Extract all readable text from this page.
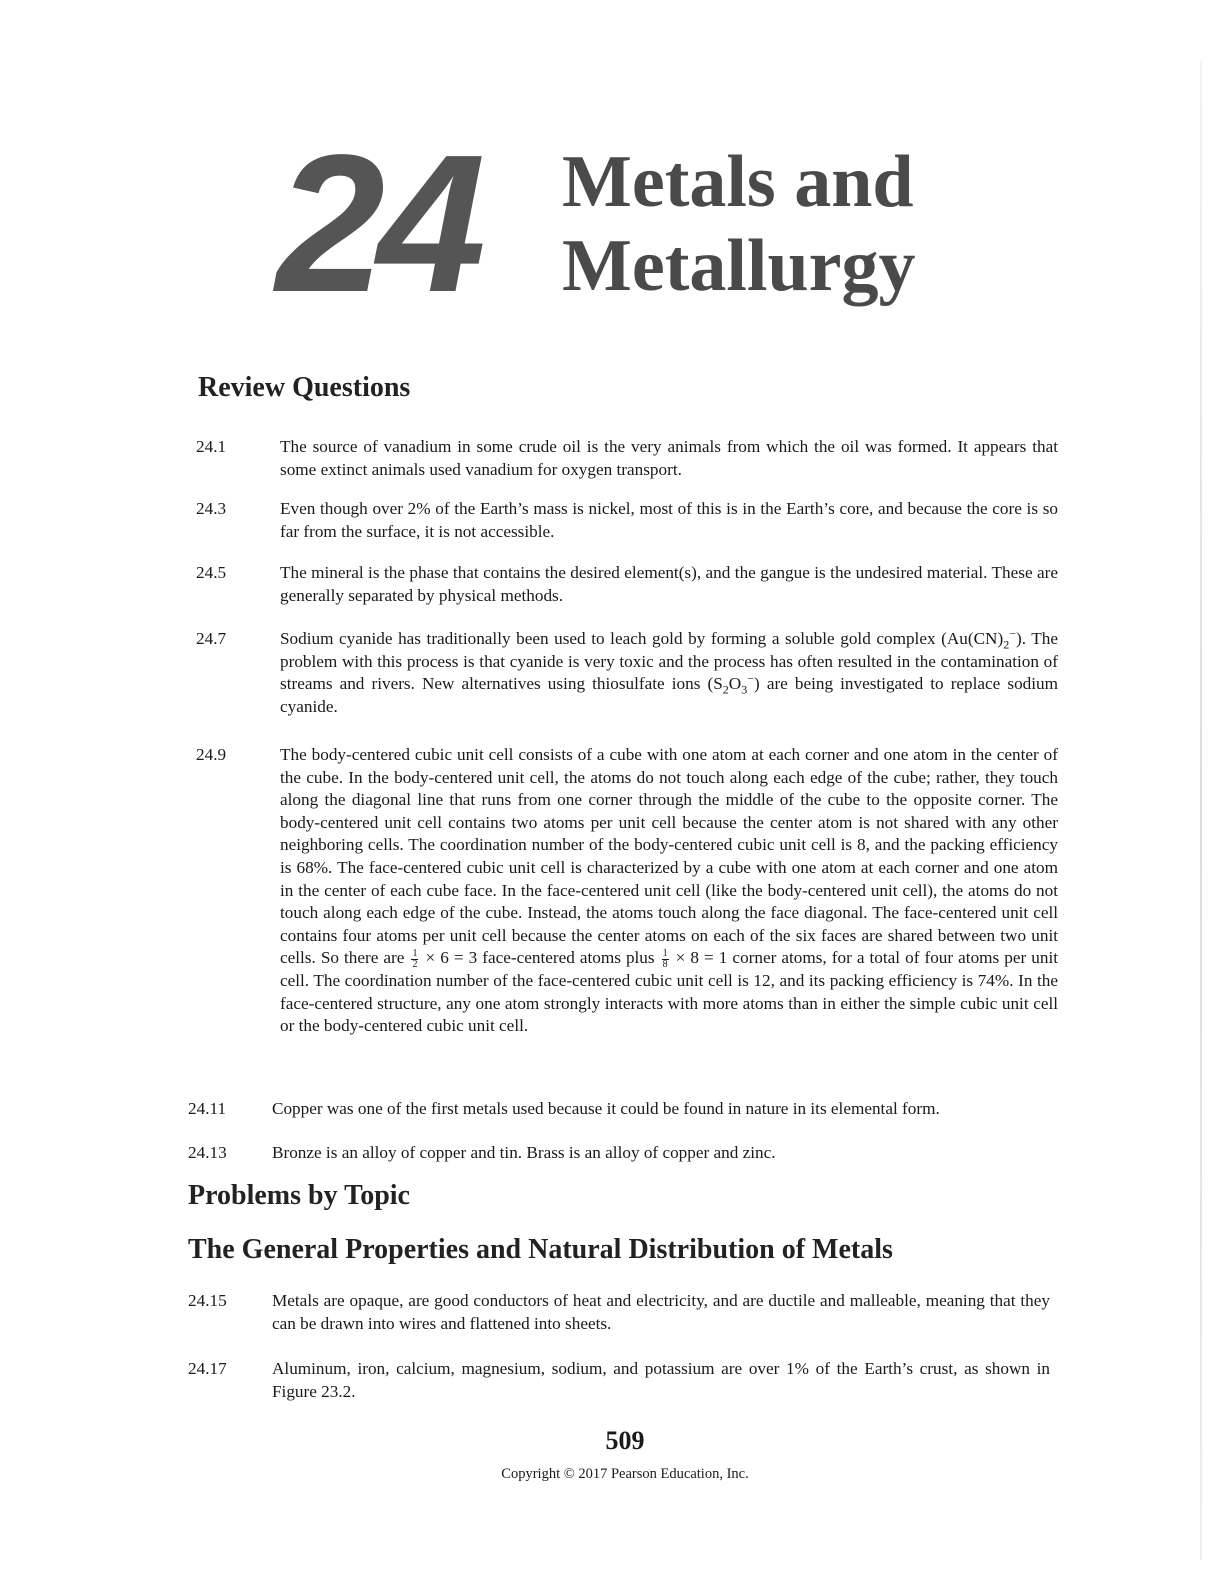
24 Metals and
Metallurgy
Review Questions
24.1	The source of vanadium in some crude oil is the very animals from which the oil was formed. It appears that some extinct animals used vanadium for oxygen transport.
24.3	Even though over 2% of the Earth’s mass is nickel, most of this is in the Earth’s core, and because the core is so far from the surface, it is not accessible.
24.5	The mineral is the phase that contains the desired element(s), and the gangue is the undesired material. These are generally separated by physical methods.
24.7	Sodium cyanide has traditionally been used to leach gold by forming a soluble gold complex $(Au(CN)_2^-)$. The problem with this process is that cyanide is very toxic and the process has often resulted in the contamination of streams and rivers. New alternatives using thiosulfate ions $(S_2O_3^-)$ are being investigated to replace sodium cyanide.
24.9	The body-centered cubic unit cell consists of a cube with one atom at each corner and one atom in the center of the cube. In the body-centered unit cell, the atoms do not touch along each edge of the cube; rather, they touch along the diagonal line that runs from one corner through the middle of the cube to the opposite corner. The body-centered unit cell contains two atoms per unit cell because the center atom is not shared with any other neighboring cells. The coordination number of the body-centered cubic unit cell is 8, and the packing efficiency is 68%. The face-centered cubic unit cell is characterized by a cube with one atom at each corner and one atom in the center of each cube face. In the face-centered unit cell (like the body-centered unit cell), the atoms do not touch along each edge of the cube. Instead, the atoms touch along the face diagonal. The face-centered unit cell contains four atoms per unit cell because the center atoms on each of the six faces are shared between two unit cells. So there are $\frac{1}{2} \times 6 = 3$ face-centered atoms plus $\frac{1}{8} \times 8 = 1$ corner atoms, for a total of four atoms per unit cell. The coordination number of the face-centered cubic unit cell is 12, and its packing efficiency is 74%. In the face-centered structure, any one atom strongly interacts with more atoms than in either the simple cubic unit cell or the body-centered cubic unit cell.
24.11	Copper was one of the first metals used because it could be found in nature in its elemental form.
24.13	Bronze is an alloy of copper and tin. Brass is an alloy of copper and zinc.
Problems by Topic
The General Properties and Natural Distribution of Metals
24.15	Metals are opaque, are good conductors of heat and electricity, and are ductile and malleable, meaning that they can be drawn into wires and flattened into sheets.
24.17	Aluminum, iron, calcium, magnesium, sodium, and potassium are over 1% of the Earth’s crust, as shown in Figure 23.2.
509
Copyright © 2017 Pearson Education, Inc.
